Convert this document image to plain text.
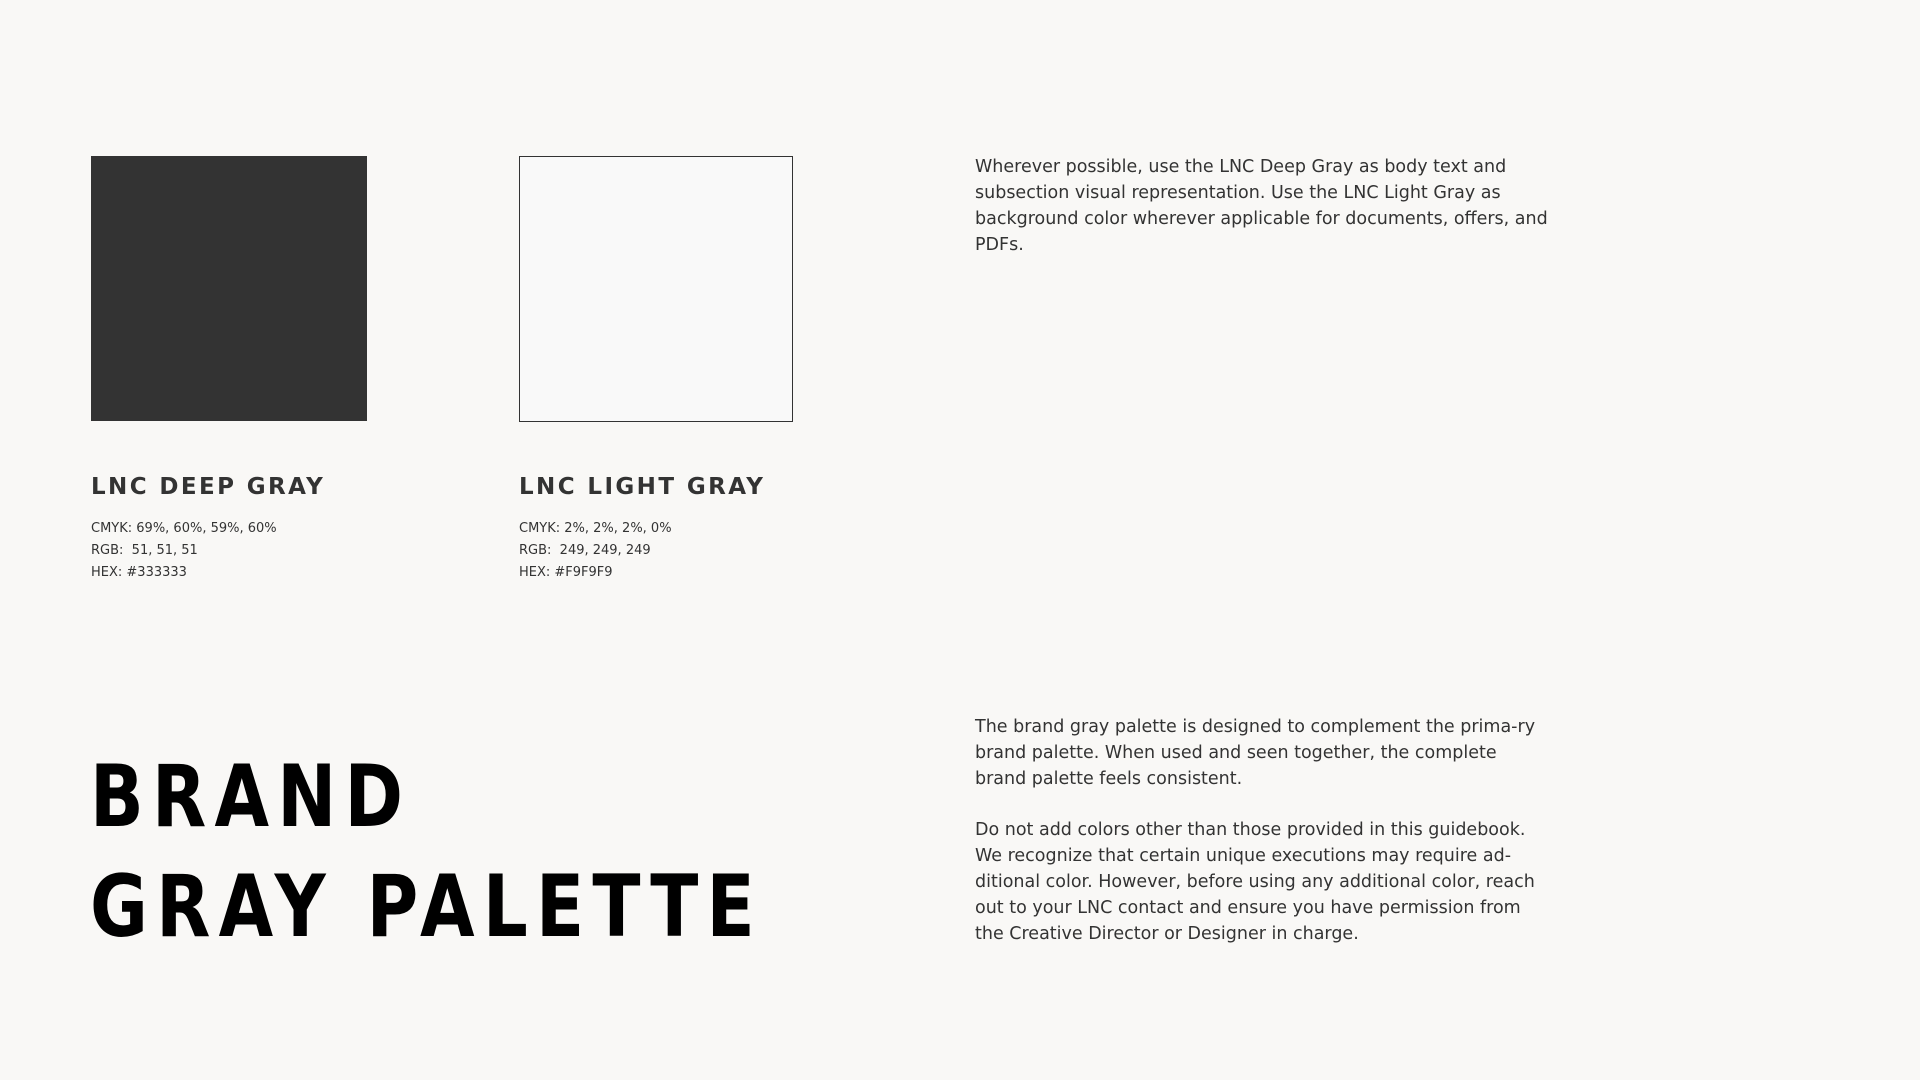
LNC DEEP GRAY
CMYK: 69%, 60%, 59%, 60%
RGB:  51, 51, 51
HEX: #333333
LNC LIGHT GRAY
CMYK: 2%, 2%, 2%, 0%
RGB:  249, 249, 249
HEX: #F9F9F9

Wherever possible, use the LNC Deep Gray as body text and subsection visual representation. Use the LNC Light Gray as background color wherever applicable for documents, offers, and PDFs.

BRAND
GRAY PALETTE

The brand gray palette is designed to complement the prima-ry brand palette. When used and seen together, the complete brand palette feels consistent.

Do not add colors other than those provided in this guidebook. We recognize that certain unique executions may require ad-ditional color. However, before using any additional color, reach out to your LNC contact and ensure you have permission from the Creative Director or Designer in charge.
